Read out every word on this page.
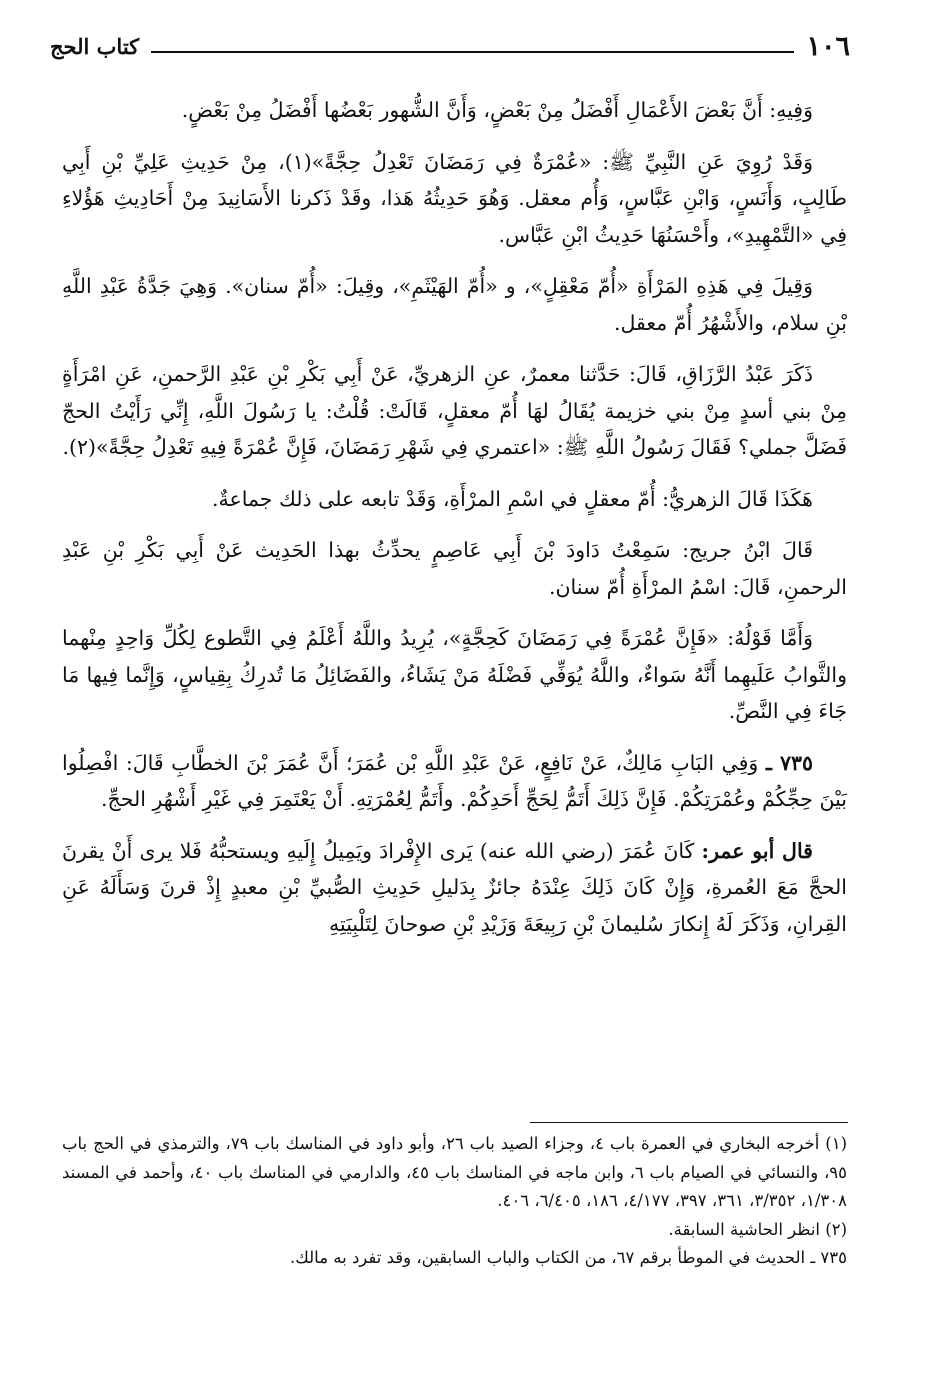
١٠٦
كتاب الحج

وَفِيهِ: أَنَّ بَعْضَ الأَعْمَالِ أَفْضَلُ مِنْ بَعْضٍ، وَأَنَّ الشُّهور بَعْضُها أَفْضَلُ مِنْ بَعْضٍ.

وَقَدْ رُوِيَ عَنِ النَّبِيِّ ﷺ: «عُمْرَةٌ فِي رَمَضَانَ تَعْدِلُ حِجَّةً»(١)، مِنْ حَدِيثِ عَلِيِّ بْنِ أَبِي طَالِبٍ، وَأَنَسٍ، وَابْنِ عَبَّاسٍ، وَأُم معقل. وَهُوَ حَدِيثُهُ هَذا، وقَدْ ذَكرنا الأَسَانِيدَ مِنْ أَحَادِيثِ هَؤُلاءِ فِي «التَّمْهِيدِ»، وأَحْسَنُهَا حَدِيثُ ابْنِ عَبَّاس.

وَقِيلَ فِي هَذِهِ المَرْأَةِ «أُمّ مَعْقِلٍ»، و «أُمّ الهَيْثَمِ»، وقِيلَ: «أُمّ سنان». وَهِيَ جَدَّةُ عَبْدِ اللَّهِ بْنِ سلام، والأَشْهُرُ أُمّ معقل.

ذَكَرَ عَبْدُ الرَّزَاقِ، قَالَ: حَدَّثنا معمرٌ، عنِ الزهريِّ، عَنْ أَبِي بَكْرِ بْنِ عَبْدِ الرَّحمنِ، عَنِ امْرَأَةٍ مِنْ بني أسدٍ مِنْ بني خزيمة يُقَالُ لهَا أُمّ معقلٍ، قَالَتْ: قُلْتُ: يا رَسُولَ اللَّهِ، إِنِّي رَأَيْتُ الحجّ فَضَلَّ جملي؟ فَقَالَ رَسُولُ اللَّهِ ﷺ: «اعتمري فِي شَهْرِ رَمَضَانَ، فَإِنَّ عُمْرَةً فِيهِ تَعْدِلُ حِجَّةً»(٢).

هَكَذَا قَالَ الزهريُّ: أُمّ معقلٍ في اسْمِ المرْأَةِ، وَقَدْ تابعه على ذلك جماعةٌ.

قَالَ ابْنُ جريج: سَمِعْتُ دَاودَ بْنَ أَبِي عَاصِمٍ يحدِّثُ بهذا الحَدِيث عَنْ أَبِي بَكْرِ بْنِ عَبْدِ الرحمنِ، قَالَ: اسْمُ المرْأَةِ أُمّ سنان.

وَأَمَّا قَوْلُهُ: «فَإِنَّ عُمْرَةً فِي رَمَضَانَ كَحِجَّةٍ»، يُرِيدُ واللَّهُ أَعْلَمُ فِي التَّطوع لِكُلِّ وَاحِدٍ مِنْهما والثَّوابُ عَلَيهِما أَنَّهُ سَواءٌ، واللَّهُ يُوَفِّي فَضْلَهُ مَنْ يَشَاءُ، والفَضَائِلُ مَا تُدرِكُ بِقِياسٍ، وَإِنَّما فِيها مَا جَاءَ فِي النَّصِّ.

٧٣٥ ـ وَفِي البَابِ مَالِكٌ، عَنْ نَافِعٍ، عَنْ عَبْدِ اللَّهِ بْن عُمَرَ؛ أَنَّ عُمَرَ بْنَ الخطَّابِ قَالَ: افْصِلُوا بَيْنَ حِجِّكُمْ وعُمْرَتِكُمْ. فَإِنَّ ذَلِكَ أَتَمُّ لِحَجِّ أَحَدِكُمْ. وأَتَمُّ لِعُمْرَتِهِ. أَنْ يَعْتَمِرَ فِي غَيْرِ أَشْهُرِ الحجِّ.

قال أبو عمر: كَانَ عُمَرَ (رضي الله عنه) يَرى الإِفْرادَ ويَمِيلُ إِلَيهِ ويستحبُّهُ فَلا يرى أَنْ يقرنَ الحجَّ مَعَ العُمرةِ، وَإِنْ كَانَ ذَلِكَ عِنْدَهُ جائزٌ بِدَليلِ حَدِيثِ الصُّبيِّ بْنِ معبدٍ إِذْ قرنَ وَسَأَلَهُ عَنِ القِرانِ، وَذَكَرَ لَهُ إِنكارَ سُليمانَ بْنِ رَبِيعَةَ وَزَيْدِ بْنِ صوحانَ لِتَلْبِيَتِهِ

(١) أخرجه البخاري في العمرة باب ٤، وجزاء الصيد باب ٢٦، وأبو داود في المناسك باب ٧٩، والترمذي في الحج باب ٩٥، والنسائي في الصيام باب ٦، وابن ماجه في المناسك باب ٤٥، والدارمي في المناسك باب ٤٠، وأحمد في المسند ١/٣٠٨، ٣/٣٥٢، ٣٦١، ٣٩٧، ٤/١٧٧، ١٨٦، ٦/٤٠٥، ٤٠٦.

(٢) انظر الحاشية السابقة.

٧٣٥ ـ الحديث في الموطأ برقم ٦٧، من الكتاب والباب السابقين، وقد تفرد به مالك.
